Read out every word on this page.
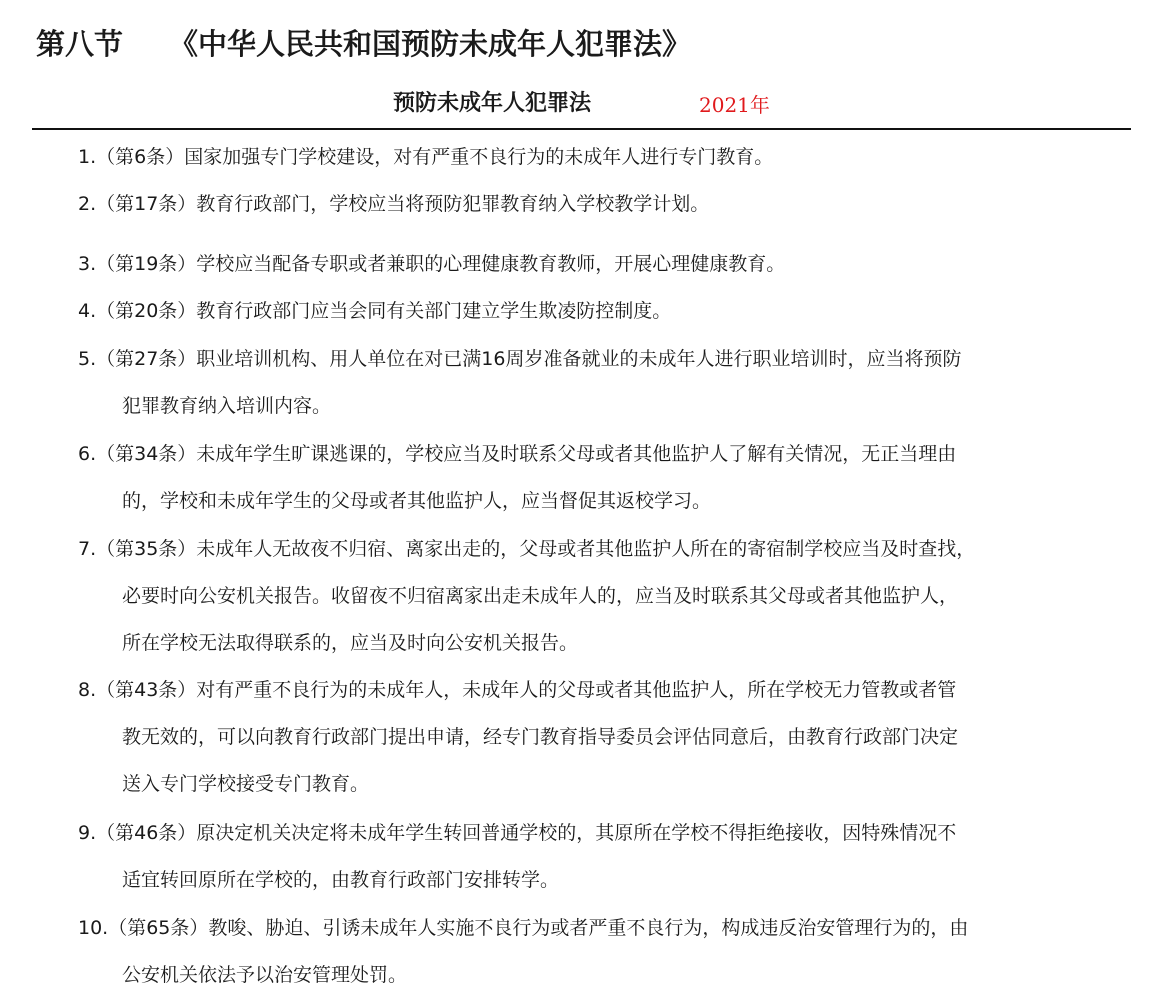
第八节 《中华人民共和国预防未成年人犯罪法》
预防未成年人犯罪法	2021年

1.（第6条）国家加强专门学校建设，对有严重不良行为的未成年人进行专门教育。

2.（第17条）教育行政部门，学校应当将预防犯罪教育纳入学校教学计划。

3.（第19条）学校应当配备专职或者兼职的心理健康教育教师，开展心理健康教育。

4.（第20条）教育行政部门应当会同有关部门建立学生欺凌防控制度。

5.（第27条）职业培训机构、用人单位在对已满16周岁准备就业的未成年人进行职业培训时，应当将预防

犯罪教育纳入培训内容。

6.（第34条）未成年学生旷课逃课的，学校应当及时联系父母或者其他监护人了解有关情况，无正当理由

的，学校和未成年学生的父母或者其他监护人，应当督促其返校学习。

7.（第35条）未成年人无故夜不归宿、离家出走的，父母或者其他监护人所在的寄宿制学校应当及时查找，

必要时向公安机关报告。收留夜不归宿离家出走未成年人的，应当及时联系其父母或者其他监护人，

所在学校无法取得联系的，应当及时向公安机关报告。

8.（第43条）对有严重不良行为的未成年人，未成年人的父母或者其他监护人，所在学校无力管教或者管

教无效的，可以向教育行政部门提出申请，经专门教育指导委员会评估同意后，由教育行政部门决定

送入专门学校接受专门教育。

9.（第46条）原决定机关决定将未成年学生转回普通学校的，其原所在学校不得拒绝接收，因特殊情况不

适宜转回原所在学校的，由教育行政部门安排转学。

10.（第65条）教唆、胁迫、引诱未成年人实施不良行为或者严重不良行为，构成违反治安管理行为的，由

公安机关依法予以治安管理处罚。
